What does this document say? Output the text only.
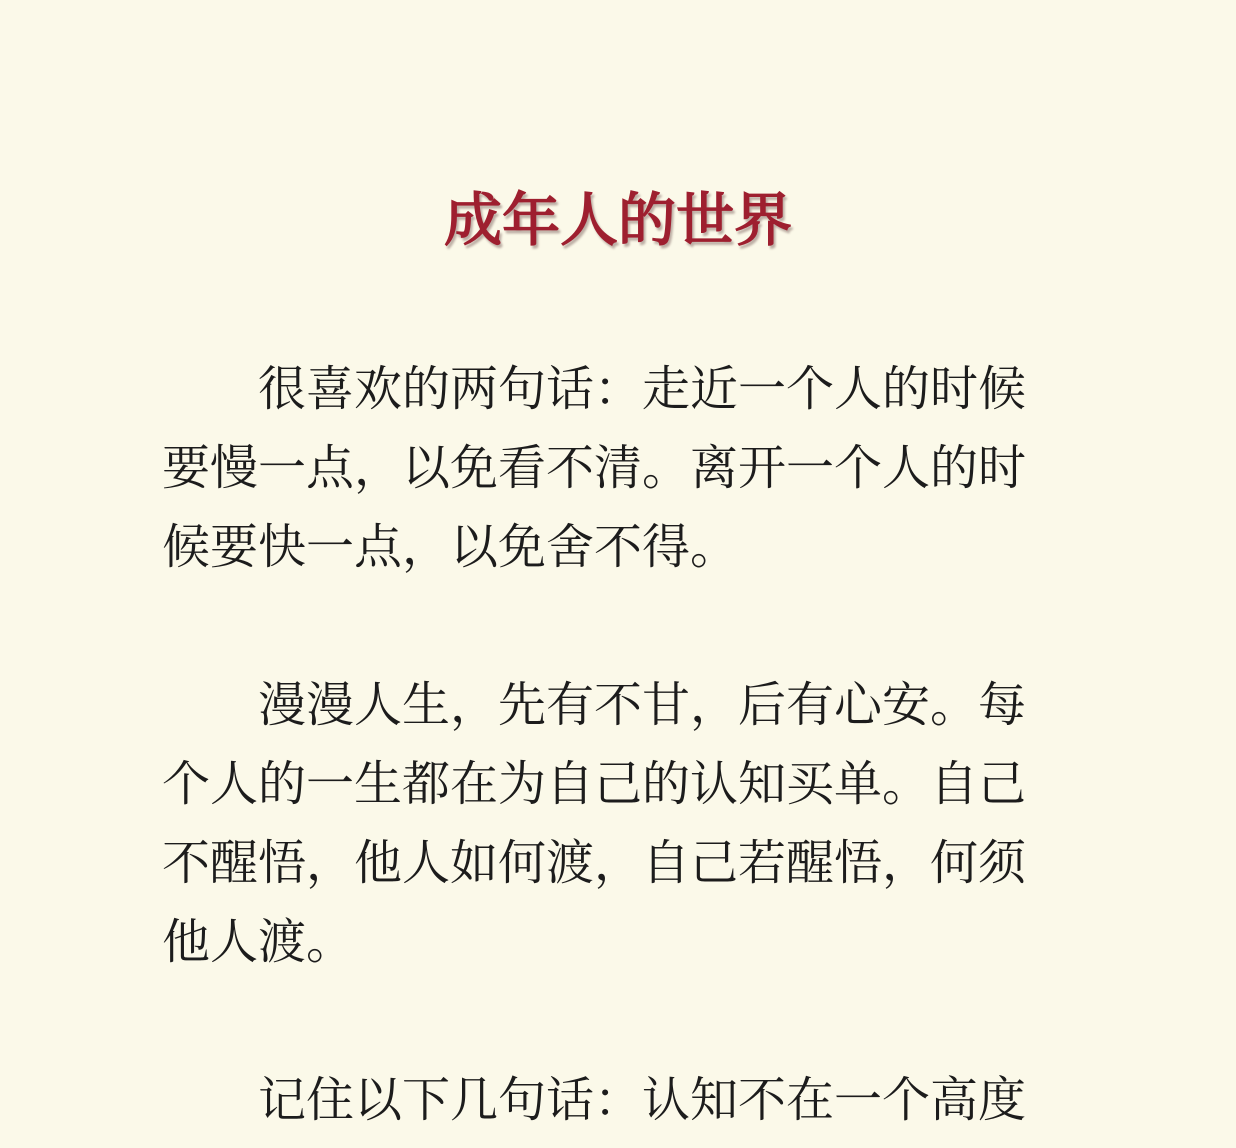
成年人的世界

很喜欢的两句话：走近一个人的时候要慢一点，以免看不清。离开一个人的时候要快一点，以免舍不得。

漫漫人生，先有不甘，后有心安。每个人的一生都在为自己的认知买单。自己不醒悟，他人如何渡，自己若醒悟，何须他人渡。

记住以下几句话：认知不在一个高度
